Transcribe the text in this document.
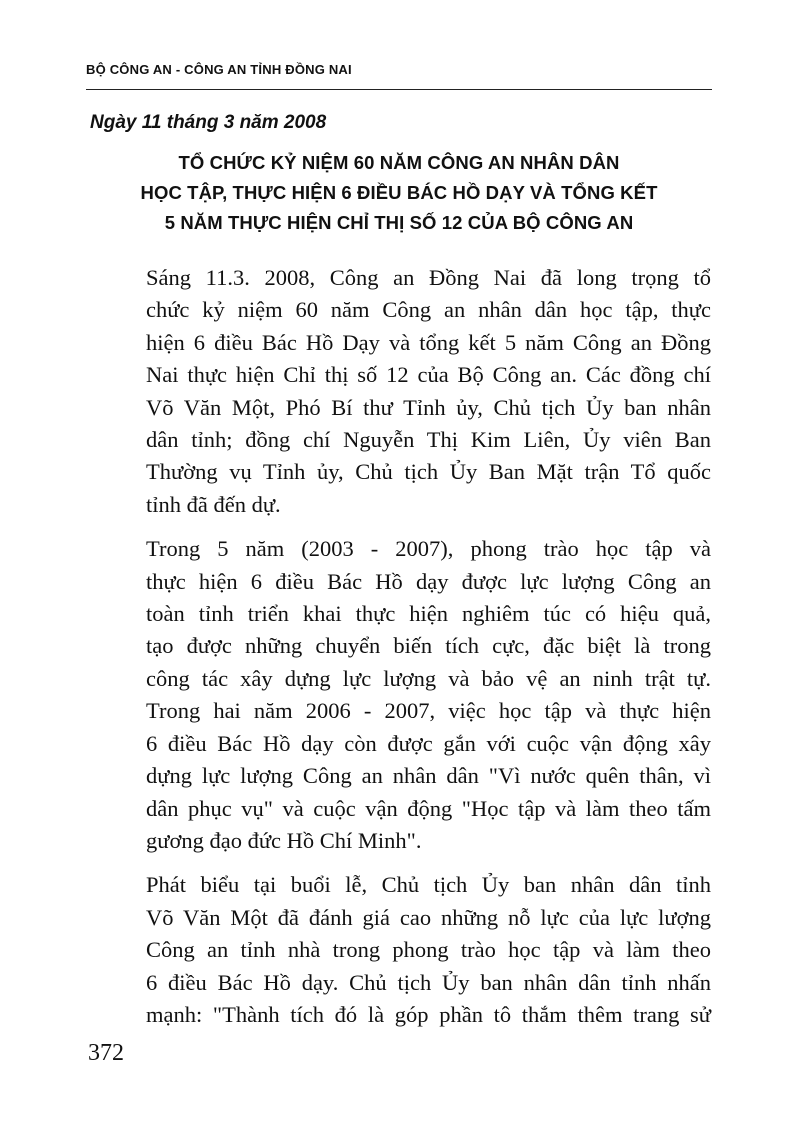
BỘ CÔNG AN - CÔNG AN TỈNH ĐỒNG NAI
Ngày 11 tháng 3 năm 2008
TỔ CHỨC KỶ NIỆM 60 NĂM CÔNG AN NHÂN DÂN
HỌC TẬP, THỰC HIỆN 6 ĐIỀU BÁC HỒ DẠY VÀ TỔNG KẾT
5 NĂM THỰC HIỆN CHỈ THỊ SỐ 12 CỦA BỘ CÔNG AN

Sáng 11.3. 2008, Công an Đồng Nai đã long trọng tổ
chức kỷ niệm 60 năm Công an nhân dân học tập, thực
hiện 6 điều Bác Hồ Dạy và tổng kết 5 năm Công an Đồng
Nai thực hiện Chỉ thị số 12 của Bộ Công an. Các đồng chí
Võ Văn Một, Phó Bí thư Tỉnh ủy, Chủ tịch Ủy ban nhân
dân tỉnh; đồng chí Nguyễn Thị Kim Liên, Ủy viên Ban
Thường vụ Tỉnh ủy, Chủ tịch Ủy Ban Mặt trận Tổ quốc
tỉnh đã đến dự.

Trong 5 năm (2003 - 2007), phong trào học tập và
thực hiện 6 điều Bác Hồ dạy được lực lượng Công an
toàn tỉnh triển khai thực hiện nghiêm túc có hiệu quả,
tạo được những chuyển biến tích cực, đặc biệt là trong
công tác xây dựng lực lượng và bảo vệ an ninh trật tự.
Trong hai năm 2006 - 2007, việc học tập và thực hiện
6 điều Bác Hồ dạy còn được gắn với cuộc vận động xây
dựng lực lượng Công an nhân dân "Vì nước quên thân, vì
dân phục vụ" và cuộc vận động "Học tập và làm theo tấm
gương đạo đức Hồ Chí Minh".

Phát biểu tại buổi lễ, Chủ tịch Ủy ban nhân dân tỉnh
Võ Văn Một đã đánh giá cao những nỗ lực của lực lượng
Công an tỉnh nhà trong phong trào học tập và làm theo
6 điều Bác Hồ dạy. Chủ tịch Ủy ban nhân dân tỉnh nhấn
mạnh: "Thành tích đó là góp phần tô thắm thêm trang sử

372
